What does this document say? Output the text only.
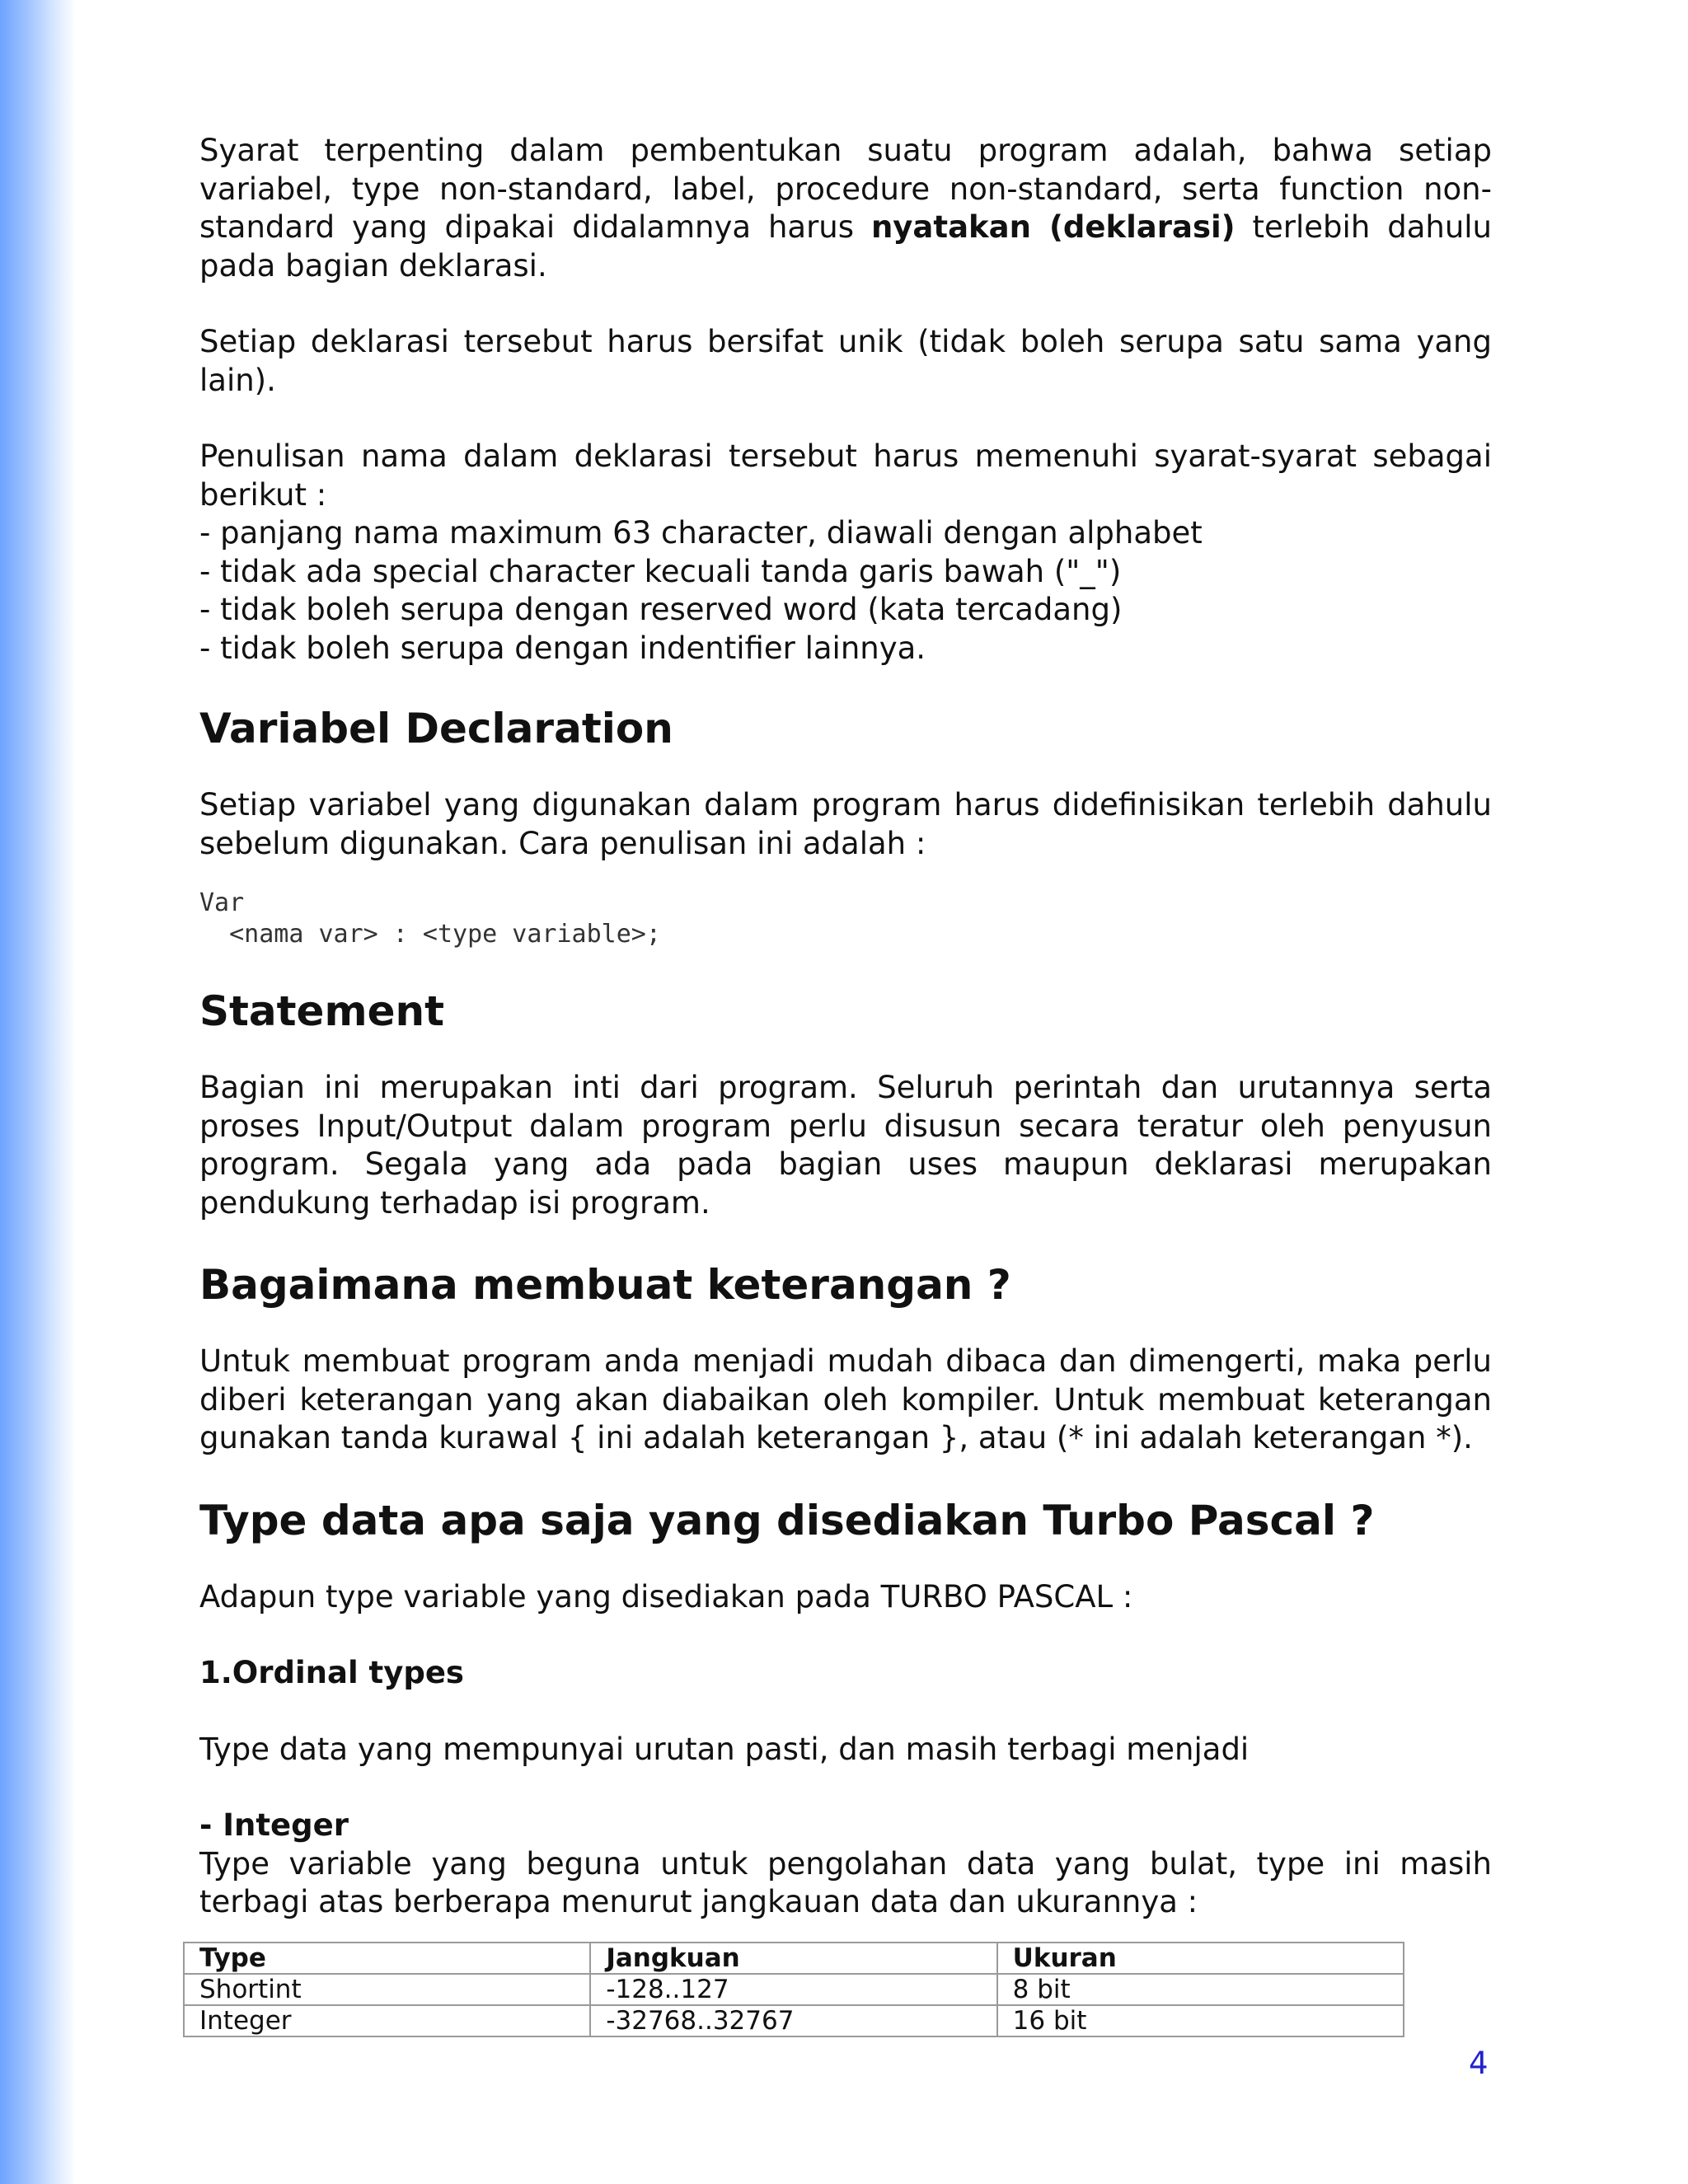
Syarat terpenting dalam pembentukan suatu program adalah, bahwa setiap variabel, type non-standard, label, procedure non-standard, serta function non-standard yang dipakai didalamnya harus nyatakan (deklarasi) terlebih dahulu pada bagian deklarasi.

Setiap deklarasi tersebut harus bersifat unik (tidak boleh serupa satu sama yang lain).

Penulisan nama dalam deklarasi tersebut harus memenuhi syarat-syarat sebagai berikut :

- panjang nama maximum 63 character, diawali dengan alphabet

- tidak ada special character kecuali tanda garis bawah ("_")

- tidak boleh serupa dengan reserved word (kata tercadang)

- tidak boleh serupa dengan indentifier lainnya.

Variabel Declaration

Setiap variabel yang digunakan dalam program harus didefinisikan terlebih dahulu sebelum digunakan. Cara penulisan ini adalah :

Var
<nama var> : <type variable>;
Statement

Bagian ini merupakan inti dari program. Seluruh perintah dan urutannya serta proses Input/Output dalam program perlu disusun secara teratur oleh penyusun program. Segala yang ada pada bagian uses maupun deklarasi merupakan pendukung terhadap isi program.

Bagaimana membuat keterangan ?

Untuk membuat program anda menjadi mudah dibaca dan dimengerti, maka perlu diberi keterangan yang akan diabaikan oleh kompiler. Untuk membuat keterangan gunakan tanda kurawal { ini adalah keterangan }, atau (* ini adalah keterangan *).

Type data apa saja yang disediakan Turbo Pascal ?

Adapun type variable yang disediakan pada TURBO PASCAL :

1.Ordinal types

Type data yang mempunyai urutan pasti, dan masih terbagi menjadi

- Integer

Type variable yang beguna untuk pengolahan data yang bulat, type ini masih terbagi atas berberapa menurut jangkauan data dan ukurannya :

Type	Jangkuan	Ukuran
Shortint	-128..127	8 bit
Integer	-32768..32767	16 bit
4
